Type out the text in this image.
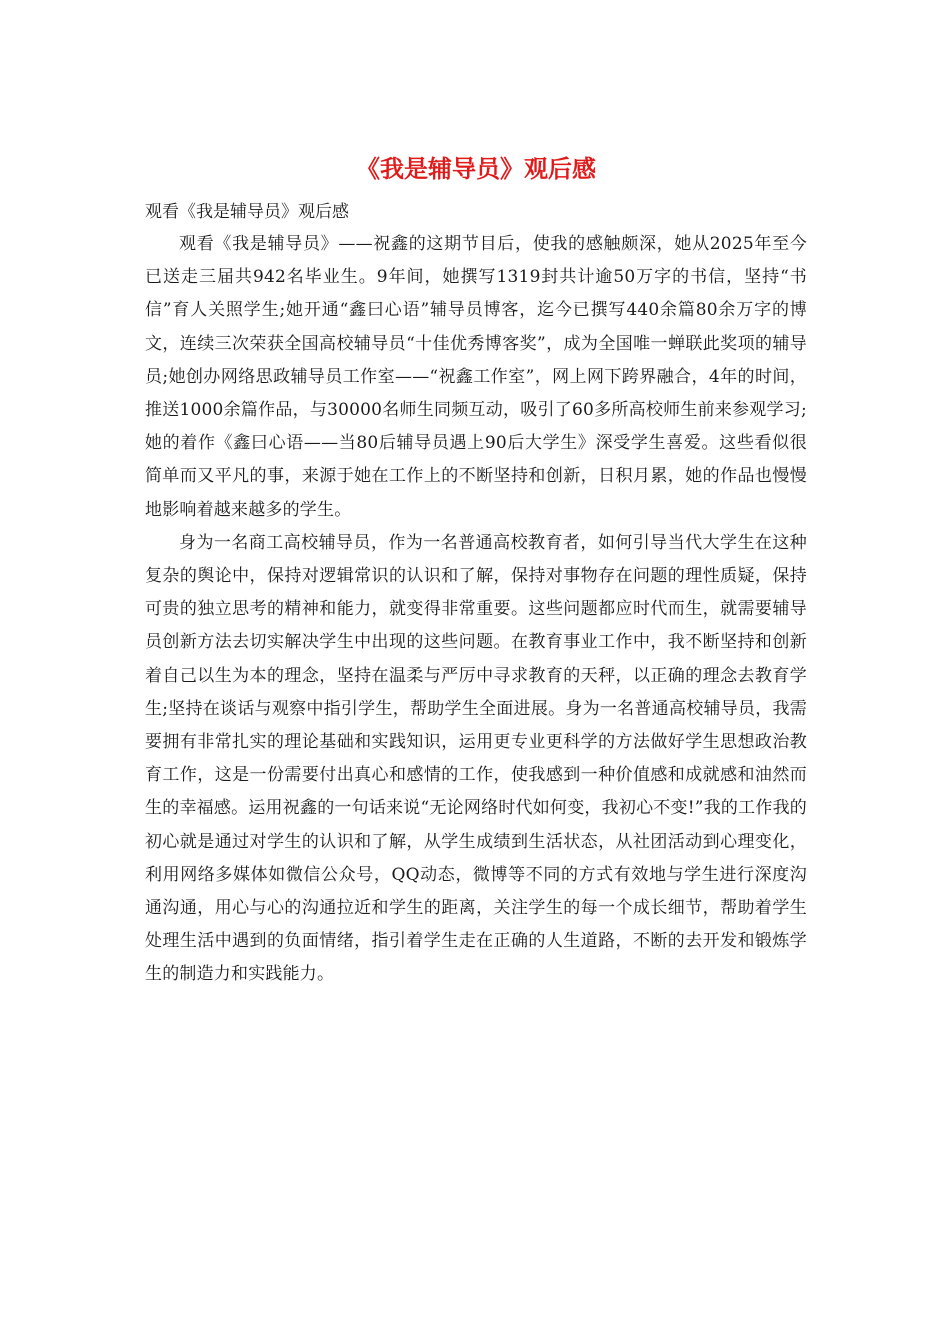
《我是辅导员》观后感

观看《我是辅导员》观后感

观看《我是辅导员》——祝鑫的这期节目后，使我的感触颇深，她从2025年至今已送走三届共942名毕业生。9年间，她撰写1319封共计逾50万字的书信，坚持“书信”育人关照学生;她开通“鑫曰心语”辅导员博客，迄今已撰写440余篇80余万字的博文，连续三次荣获全国高校辅导员“十佳优秀博客奖”，成为全国唯一蝉联此奖项的辅导员;她创办网络思政辅导员工作室——“祝鑫工作室”，网上网下跨界融合，4年的时间，推送1000余篇作品，与30000名师生同频互动，吸引了60多所高校师生前来参观学习;她的着作《鑫曰心语——当80后辅导员遇上90后大学生》深受学生喜爱。这些看似很简单而又平凡的事，来源于她在工作上的不断坚持和创新，日积月累，她的作品也慢慢地影响着越来越多的学生。

身为一名商工高校辅导员，作为一名普通高校教育者，如何引导当代大学生在这种复杂的舆论中，保持对逻辑常识的认识和了解，保持对事物存在问题的理性质疑，保持可贵的独立思考的精神和能力，就变得非常重要。这些问题都应时代而生，就需要辅导员创新方法去切实解决学生中出现的这些问题。在教育事业工作中，我不断坚持和创新着自己以生为本的理念，坚持在温柔与严厉中寻求教育的天秤，以正确的理念去教育学生;坚持在谈话与观察中指引学生，帮助学生全面进展。身为一名普通高校辅导员，我需要拥有非常扎实的理论基础和实践知识，运用更专业更科学的方法做好学生思想政治教育工作，这是一份需要付出真心和感情的工作，使我感到一种价值感和成就感和油然而生的幸福感。运用祝鑫的一句话来说“无论网络时代如何变，我初心不变!”我的工作我的初心就是通过对学生的认识和了解，从学生成绩到生活状态，从社团活动到心理变化，利用网络多媒体如微信公众号，QQ动态，微博等不同的方式有效地与学生进行深度沟通沟通，用心与心的沟通拉近和学生的距离，关注学生的每一个成长细节，帮助着学生处理生活中遇到的负面情绪，指引着学生走在正确的人生道路，不断的去开发和锻炼学生的制造力和实践能力。
